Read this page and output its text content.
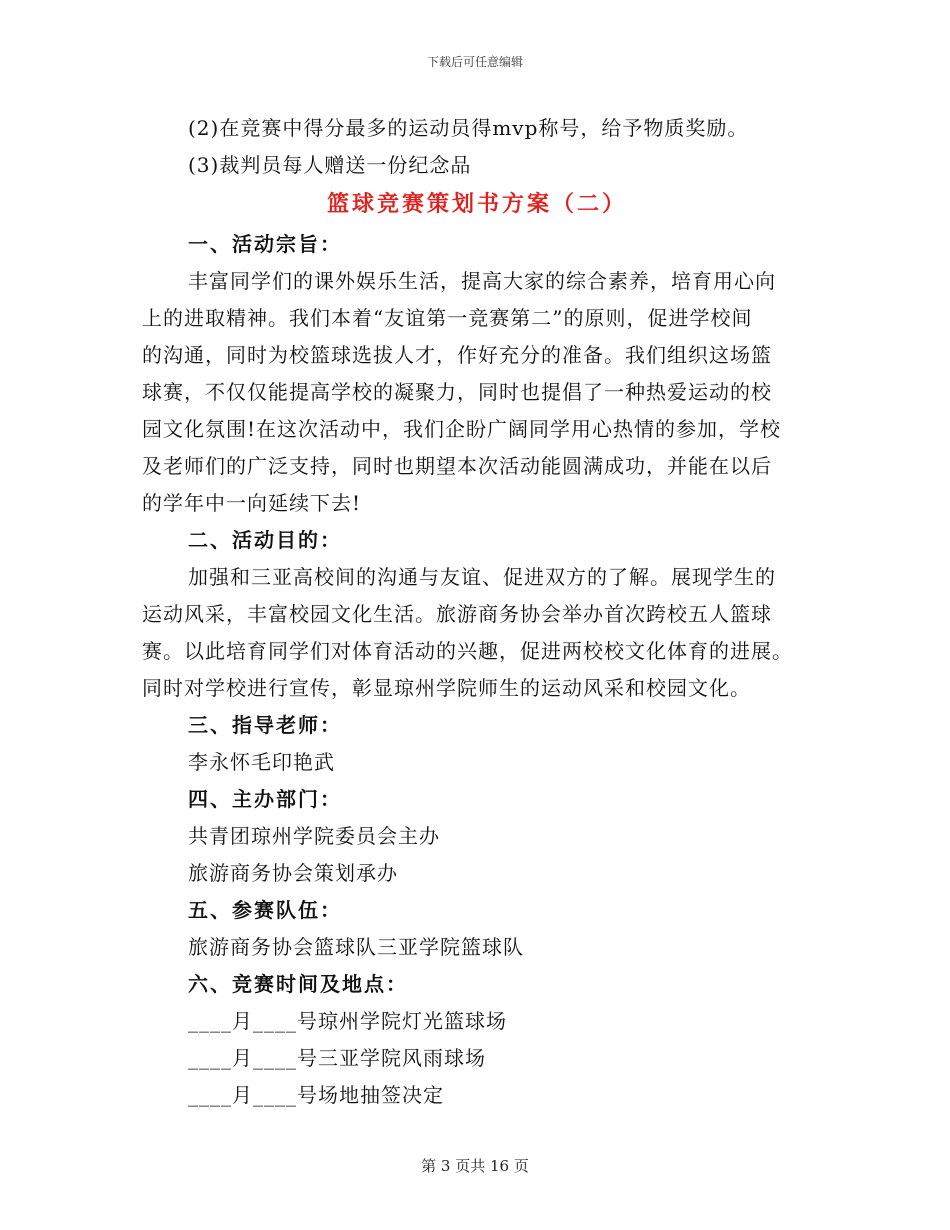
下载后可任意编辑
(2)在竞赛中得分最多的运动员得mvp称号，给予物质奖励。
(3)裁判员每人赠送一份纪念品
篮球竞赛策划书方案（二）
一、活动宗旨：

丰富同学们的课外娱乐生活，提高大家的综合素养，培育用心向

上的进取精神。我们本着“友谊第一竞赛第二”的原则，促进学校间

的沟通，同时为校篮球选拔人才，作好充分的准备。我们组织这场篮

球赛，不仅仅能提高学校的凝聚力，同时也提倡了一种热爱运动的校

园文化氛围!在这次活动中，我们企盼广阔同学用心热情的参加，学校

及老师们的广泛支持，同时也期望本次活动能圆满成功，并能在以后

的学年中一向延续下去!

二、活动目的：

加强和三亚高校间的沟通与友谊、促进双方的了解。展现学生的

运动风采，丰富校园文化生活。旅游商务协会举办首次跨校五人篮球

赛。以此培育同学们对体育活动的兴趣，促进两校校文化体育的进展。

同时对学校进行宣传，彰显琼州学院师生的运动风采和校园文化。

三、指导老师：
李永怀毛印艳武
四、主办部门：
共青团琼州学院委员会主办
旅游商务协会策划承办
五、参赛队伍：
旅游商务协会篮球队三亚学院篮球队
六、竞赛时间及地点：
____月____号琼州学院灯光篮球场
____月____号三亚学院风雨球场
____月____号场地抽签决定
第 3 页共 16 页
